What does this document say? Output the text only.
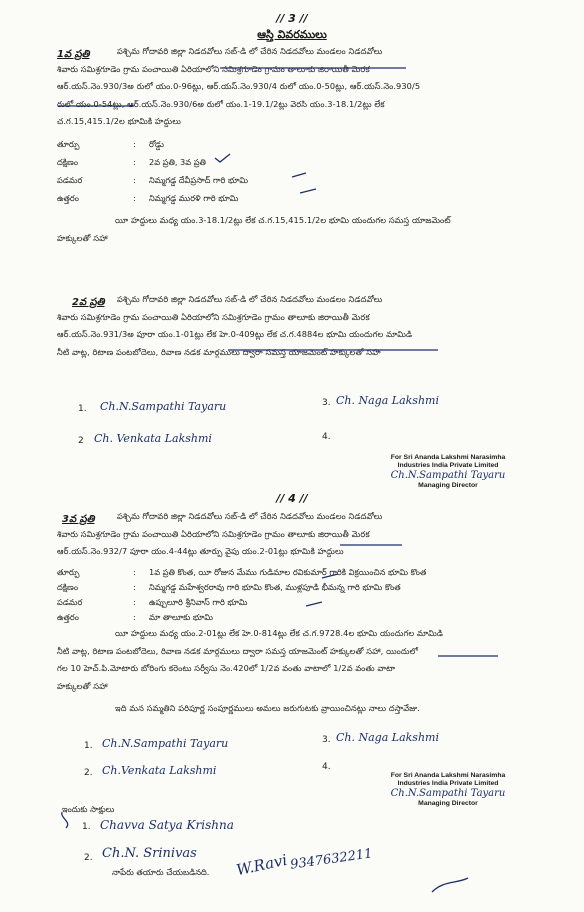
// 3 //
ఆస్తి వివరములు
1వ ప్రతి	పశ్చిమ గోదావరి జిల్లా నిడదవోలు సబ్-డి లో చేరిన నిడదవోలు మండలం నిడదవోలు
శివారు సమిశ్రగూడెం గ్రామ పంచాయితి ఏరియాలోని సమిశ్రగూడెం గ్రామం తాలూకు జిరాయితీ మెరక
ఆర్.యస్.నెం.930/3అ రులో యం.0-96ట్లు, ఆర్.యస్.నెం.930/4 రులో యం.0-50ట్లు, ఆర్.యస్.నెం.930/5
రులో యం.0-54ట్లు, ఆర్.యస్.నెం.930/6అ రులో యం.1-19.1/2ట్లు వెరసి యం.3-18.1/2ట్లు లేక
చ.గ.15,415.1/2ల భూమికి హద్దులు
తూర్పు	: రోడ్డు
దక్షిణం	: 2వ ప్రతి, 3వ ప్రతి
పడమర	: నిమ్మగడ్డ దేవీప్రసాద్ గారి భూమి
ఉత్తరం	: నిమ్మగడ్డ మురళి గారి భూమి
యీ హద్దులు మధ్య యం.3-18.1/2ట్లు లేక చ.గ.15,415.1/2ల భూమి యందుగల సమస్త యాజమెంట్
హక్కులతో సహా
2వ ప్రతి	పశ్చిమ గోదావరి జిల్లా నిడదవోలు సబ్-డి లో చేరిన నిడదవోలు మండలం నిడదవోలు
శివారు సమిశ్రగూడెం గ్రామ పంచాయితి ఏరియాలోని సమిశ్రగూడెం గ్రామం తాలూకు జిరాయితీ మెరక
ఆర్.యస్.నెం.931/3అ పూరా యం.1-01ట్లు లేక హె.0-409ట్లు లేక చ.గ.4884ల భూమి యందుగల మామిడి
నీటి వాట్ల, రిటాణ పంటబోదెలు, రివాణ నడక మార్గములు ద్వారా సమస్త యాజమెంట్ హక్కులతో సహా
1. Ch.N.Sampathi Tayaru	3. Ch. Naga Lakshmi
2 Ch. Venkata Lakshmi	4.
For Sri Ananda Lakshmi Narasimha
Industries India Private Limited
Ch.N.Sampathi Tayaru
Managing Director
// 4 //
3వ ప్రతి	పశ్చిమ గోదావరి జిల్లా నిడదవోలు సబ్-డి లో చేరిన నిడదవోలు మండలం నిడదవోలు
శివారు సమిశ్రగూడెం గ్రామ పంచాయితి ఏరియాలోని సమిశ్రగూడెం గ్రామం తాలూకు జిరాయితీ మెరక
ఆర్.యస్.నెం.932/7 పూరా యం.4-44ట్లు తూర్పు వైపు యం.2-01ట్లు భూమికి హద్దులు
తూర్పు	: 1వ ప్రతి కొంత, యీ రోజున మేము గుడిమాల రవికుమార్ గారికి విక్రయించిన భూమి కొంత
దక్షిణం	: నిమ్మగడ్డ మహేశ్వరరావు గారి భూమి కొంత, ముళ్లపూడి భీమన్న గారి భూమి కొంత
పడమర	: ఉప్పులూరి శ్రీనివాస్ గారి భూమి
ఉత్తరం	: మా తాలూకు భూమి
యీ హద్దులు మధ్య యం.2-01ట్లు లేక హె.0-814ట్లు లేక చ.గ.9728.4ల భూమి యందుగల మామిడి
నీటి వాట్ల, రిటాణ పంటబోదెలు, రివాణ నడక మార్గములు ద్వారా సమస్త యాజమెంట్ హక్కులతో సహా, యిందులో
గల 10 హెచ్.పి.మోటారు బోరింగు కరెంటు సర్వీసు నెం.420లో 1/2వ వంతు వాటాలో 1/2వ వంతు వాటా
హక్కులతో సహా
ఇది మన సమ్మతిని పరిపూర్ణ సంపూర్ణములు అమలు జరుగుటకు వ్రాయించినట్లు నాలు దస్తావేజు.
1. Ch.N.Sampathi Tayaru	3. Ch. Naga Lakshmi
2. Ch.Venkata Lakshmi	4.
For Sri Ananda Lakshmi Narasimha
Industries India Private Limited
Ch.N.Sampathi Tayaru
Managing Director
ఇందుకు సాక్షులు
1. Chavva Satya Krishna
2. Ch.N. Srinivas
నాపేరు తయారు చేయబడినది. W.Ravi 9347632211
